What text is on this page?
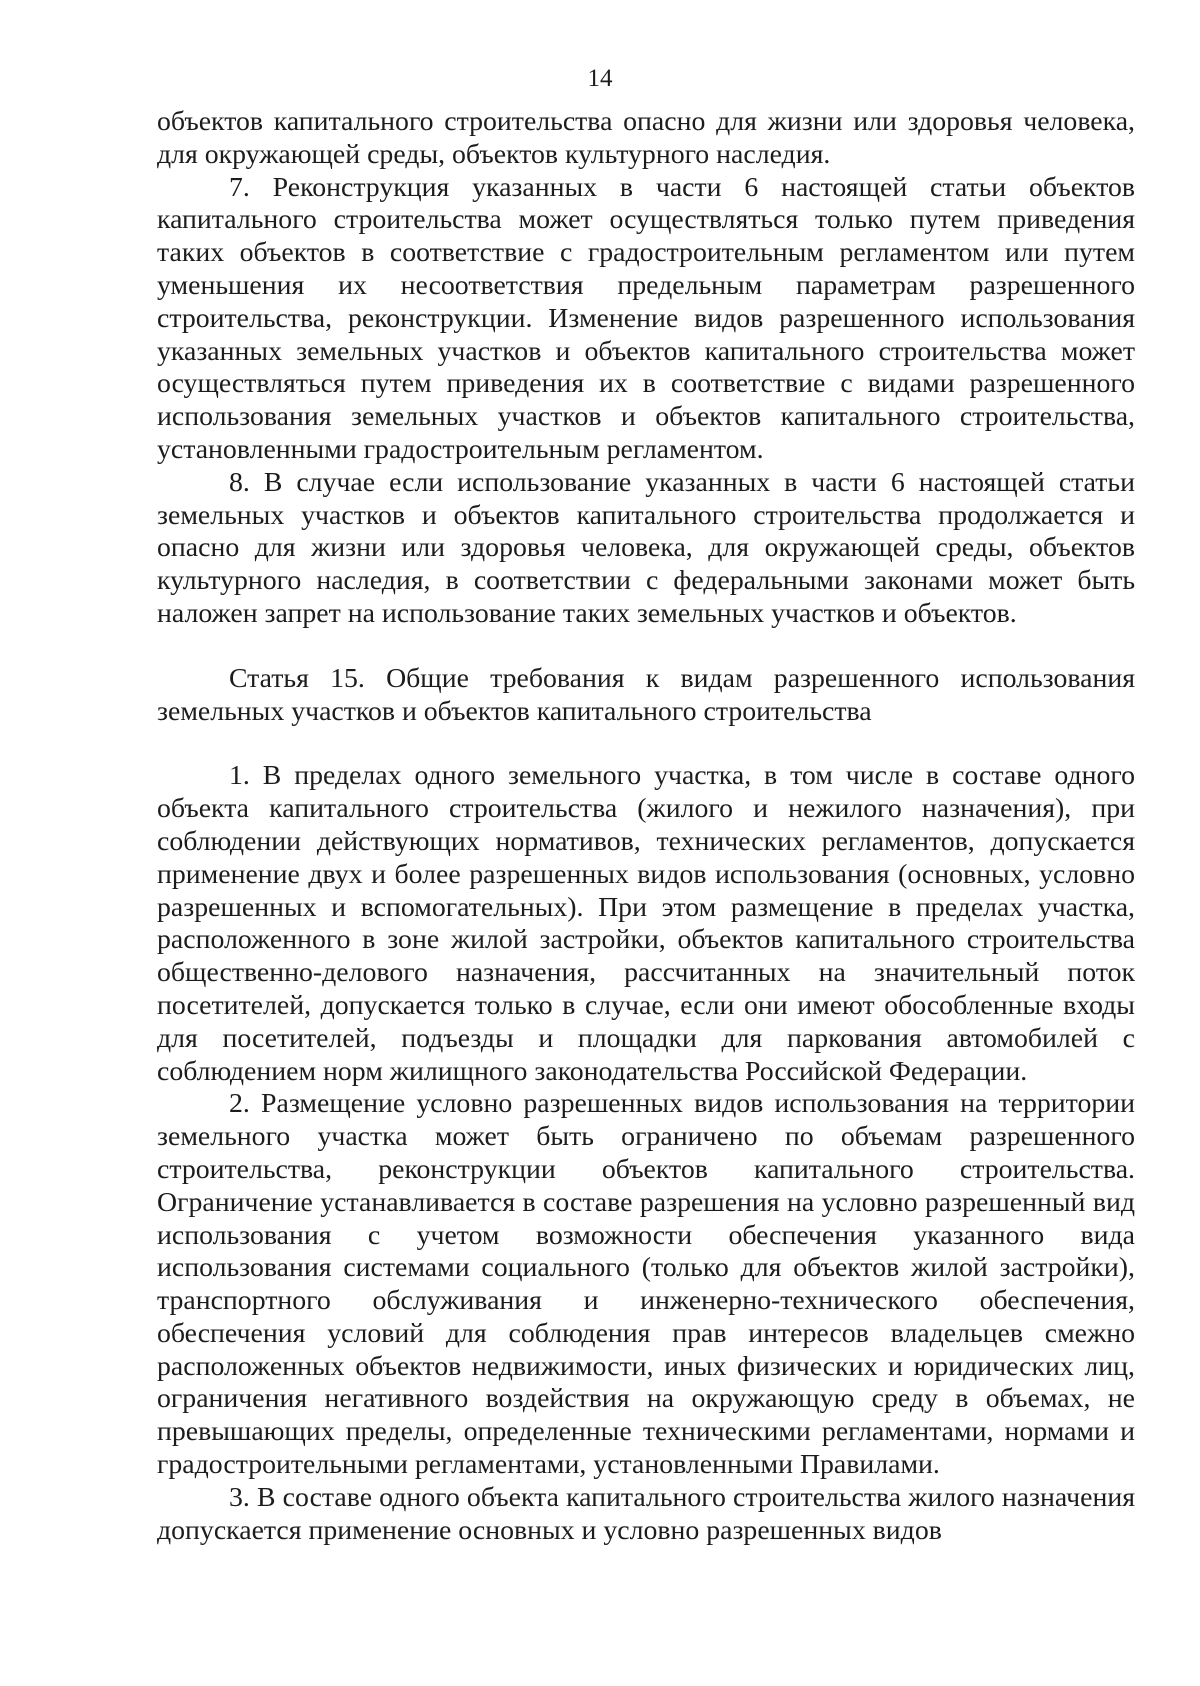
14

объектов капитального строительства опасно для жизни или здоровья человека, для окружающей среды, объектов культурного наследия.

7. Реконструкция указанных в части 6 настоящей статьи объектов капитального строительства может осуществляться только путем приведения таких объектов в соответствие с градостроительным регламентом или путем уменьшения их несоответствия предельным параметрам разрешенного строительства, реконструкции. Изменение видов разрешенного использования указанных земельных участков и объектов капитального строительства может осуществляться путем приведения их в соответствие с видами разрешенного использования земельных участков и объектов капитального строительства, установленными градостроительным регламентом.

8. В случае если использование указанных в части 6 настоящей статьи земельных участков и объектов капитального строительства продолжается и опасно для жизни или здоровья человека, для окружающей среды, объектов культурного наследия, в соответствии с федеральными законами может быть наложен запрет на использование таких земельных участков и объектов.

Статья 15. Общие требования к видам разрешенного использования земельных участков и объектов капитального строительства

1. В пределах одного земельного участка, в том числе в составе одного объекта капитального строительства (жилого и нежилого назначения), при соблюдении действующих нормативов, технических регламентов, допускается применение двух и более разрешенных видов использования (основных, условно разрешенных и вспомогательных). При этом размещение в пределах участка, расположенного в зоне жилой застройки, объектов капитального строительства общественно-делового назначения, рассчитанных на значительный поток посетителей, допускается только в случае, если они имеют обособленные входы для посетителей, подъезды и площадки для паркования автомобилей с соблюдением норм жилищного законодательства Российской Федерации.

2. Размещение условно разрешенных видов использования на территории земельного участка может быть ограничено по объемам разрешенного строительства, реконструкции объектов капитального строительства. Ограничение устанавливается в составе разрешения на условно разрешенный вид использования с учетом возможности обеспечения указанного вида использования системами социального (только для объектов жилой застройки), транспортного обслуживания и инженерно-технического обеспечения, обеспечения условий для соблюдения прав интересов владельцев смежно расположенных объектов недвижимости, иных физических и юридических лиц, ограничения негативного воздействия на окружающую среду в объемах, не превышающих пределы, определенные техническими регламентами, нормами и градостроительными регламентами, установленными Правилами.

3. В составе одного объекта капитального строительства жилого назначения допускается применение основных и условно разрешенных видов
